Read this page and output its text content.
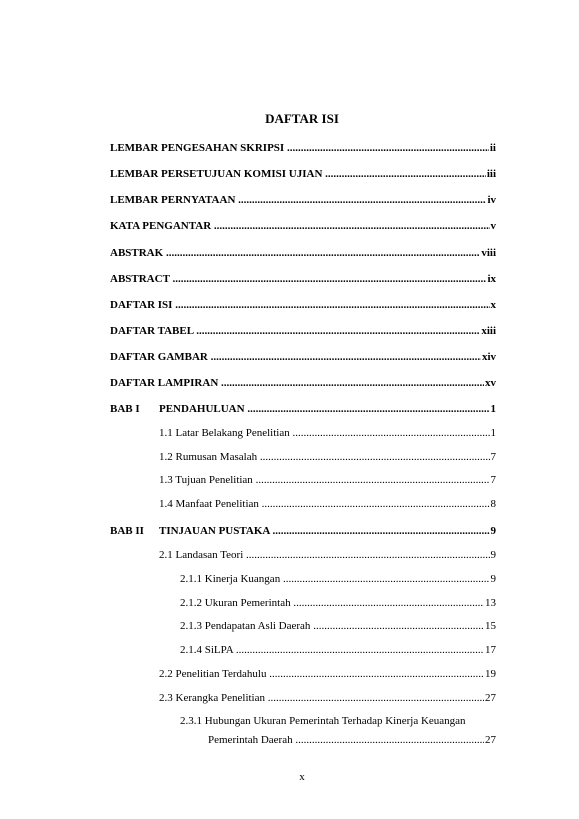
DAFTAR ISI
LEMBAR PENGESAHAN SKRIPSI .....	ii
LEMBAR PERSETUJUAN KOMISI UJIAN .....	iii
LEMBAR PERNYATAAN .....	iv
KATA PENGANTAR .....	v
ABSTRAK .....	viii
ABSTRACT .....	ix
DAFTAR ISI .....	x
DAFTAR TABEL .....	xiii
DAFTAR GAMBAR .....	xiv
DAFTAR LAMPIRAN .....	xv
BAB I PENDAHULUAN .....	1
1.1 Latar Belakang Penelitian .....	1
1.2 Rumusan Masalah .....	7
1.3 Tujuan Penelitian .....	7
1.4 Manfaat Penelitian .....	8
BAB II TINJAUAN PUSTAKA .....	9
2.1 Landasan Teori .....	9
2.1.1 Kinerja Kuangan .....	9
2.1.2 Ukuran Pemerintah .....	13
2.1.3 Pendapatan Asli Daerah .....	15
2.1.4 SiLPA .....	17
2.2 Penelitian Terdahulu .....	19
2.3 Kerangka Penelitian .....	27
2.3.1 Hubungan Ukuran Pemerintah Terhadap Kinerja Keuangan
Pemerintah Daerah .....	27
x
